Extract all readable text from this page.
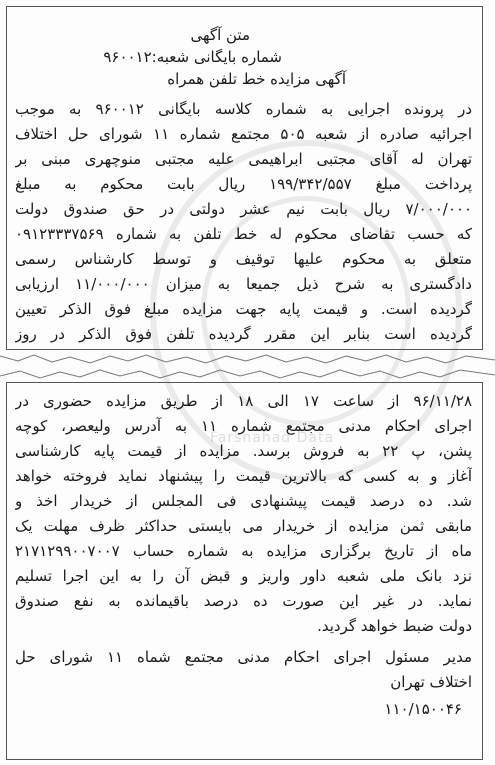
Farsnahad Data
متن آگهی
شماره بایگانی شعبه:۹۶۰۰۱۲
آگهی مزایده خط تلفن همراه
در پرونده اجرایی به شماره کلاسه بایگانی ۹۶۰۰۱۲ به موجب
اجرائیه صادره از شعبه ۵۰۵ مجتمع شماره ۱۱ شورای حل اختلاف
تهران له آقای مجتبی ابراهیمی علیه مجتبی منوچهری مبنی بر
پرداخت مبلغ ۱۹۹/۳۴۲/۵۵۷ ریال بابت محکوم به مبلغ
۷/۰۰۰/۰۰۰ ریال بابت نیم عشر دولتی در حق صندوق دولت
که حسب تقاضای محکوم له خط تلفن به شماره ۰۹۱۲۳۳۳۷۵۶۹
متعلق به محکوم علیها توقیف و توسط کارشناس رسمی
دادگستری به شرح ذیل جمیعا به میزان ۱۱/۰۰۰/۰۰۰ ارزیابی
گردیده است. و قیمت پایه جهت مزایده مبلغ فوق الذکر تعیین
گردیده است بنابر این مقرر گردیده تلفن فوق الذکر در روز
۹۶/۱۱/۲۸ از ساعت ۱۷ الی ۱۸ از طریق مزایده حضوری در
اجرای احکام مدنی مجتمع شماره ۱۱ به آدرس ولیعصر، کوچه
پشن، پ ۲۲ به فروش برسد. مزایده از قیمت پایه کارشناسی
آغاز و به کسی که بالاترین قیمت را پیشنهاد نماید فروخته خواهد
شد. ده درصد قیمت پیشنهادی فی المجلس از خریدار اخذ و
مابقی ثمن مزایده از خریدار می بایستی حداکثر ظرف مهلت یک
ماه از تاریخ برگزاری مزایده به شماره حساب ۲۱۷۱۲۹۹۰۰۷۰۰۷
نزد بانک ملی شعبه داور واریز و قبض آن را به این اجرا تسلیم
نماید. در غیر این صورت ده درصد باقیمانده به نفع صندوق
دولت ضبط خواهد گردید.
مدیر مسئول اجرای احکام مدنی مجتمع شماه ۱۱ شورای حل
اختلاف تهران
۱۱۰/۱۵۰۰۴۶
